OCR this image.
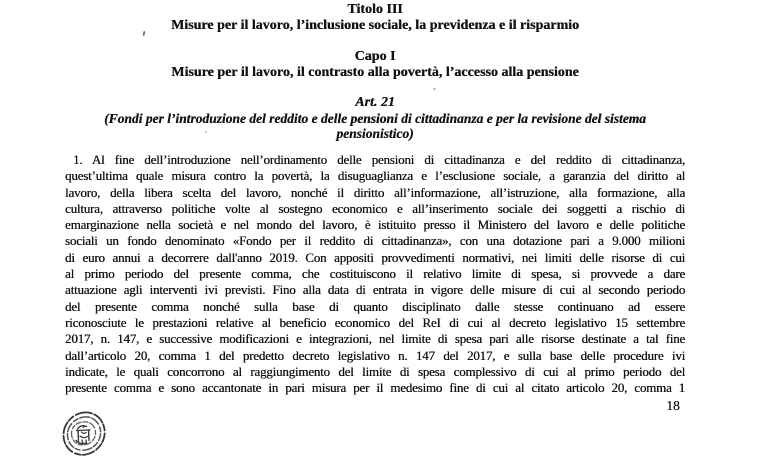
Titolo III
Misure per il lavoro, l’inclusione sociale, la previdenza e il risparmio
Capo I
Misure per il lavoro, il contrasto alla povertà, l’accesso alla pensione
Art. 21
(Fondi per l’introduzione del reddito e delle pensioni di cittadinanza e per la revisione del sistema
pensionistico)
1. Al fine dell’introduzione nell’ordinamento delle pensioni di cittadinanza e del reddito di cittadinanza,
quest’ultima quale misura contro la povertà, la disuguaglianza e l’esclusione sociale, a garanzia del diritto al
lavoro, della libera scelta del lavoro, nonché il diritto all’informazione, all’istruzione, alla formazione, alla
cultura, attraverso politiche volte al sostegno economico e all’inserimento sociale dei soggetti a rischio di
emarginazione nella società e nel mondo del lavoro, è istituito presso il Ministero del lavoro e delle politiche
sociali un fondo denominato «Fondo per il reddito di cittadinanza», con una dotazione pari a 9.000 milioni
di euro annui a decorrere dall'anno 2019. Con appositi provvedimenti normativi, nei limiti delle risorse di cui
al primo periodo del presente comma, che costituiscono il relativo limite di spesa, si provvede a dare
attuazione agli interventi ivi previsti. Fino alla data di entrata in vigore delle misure di cui al secondo periodo
del presente comma nonché sulla base di quanto disciplinato dalle stesse continuano ad essere
riconosciute le prestazioni relative al beneficio economico del ReI di cui al decreto legislativo 15 settembre
2017, n. 147, e successive modificazioni e integrazioni, nel limite di spesa pari alle risorse destinate a tal fine
dall’articolo 20, comma 1 del predetto decreto legislativo n. 147 del 2017, e sulla base delle procedure ivi
indicate, le quali concorrono al raggiungimento del limite di spesa complessivo di cui al primo periodo del
presente comma e sono accantonate in pari misura per il medesimo fine di cui al citato articolo 20, comma 1
18
